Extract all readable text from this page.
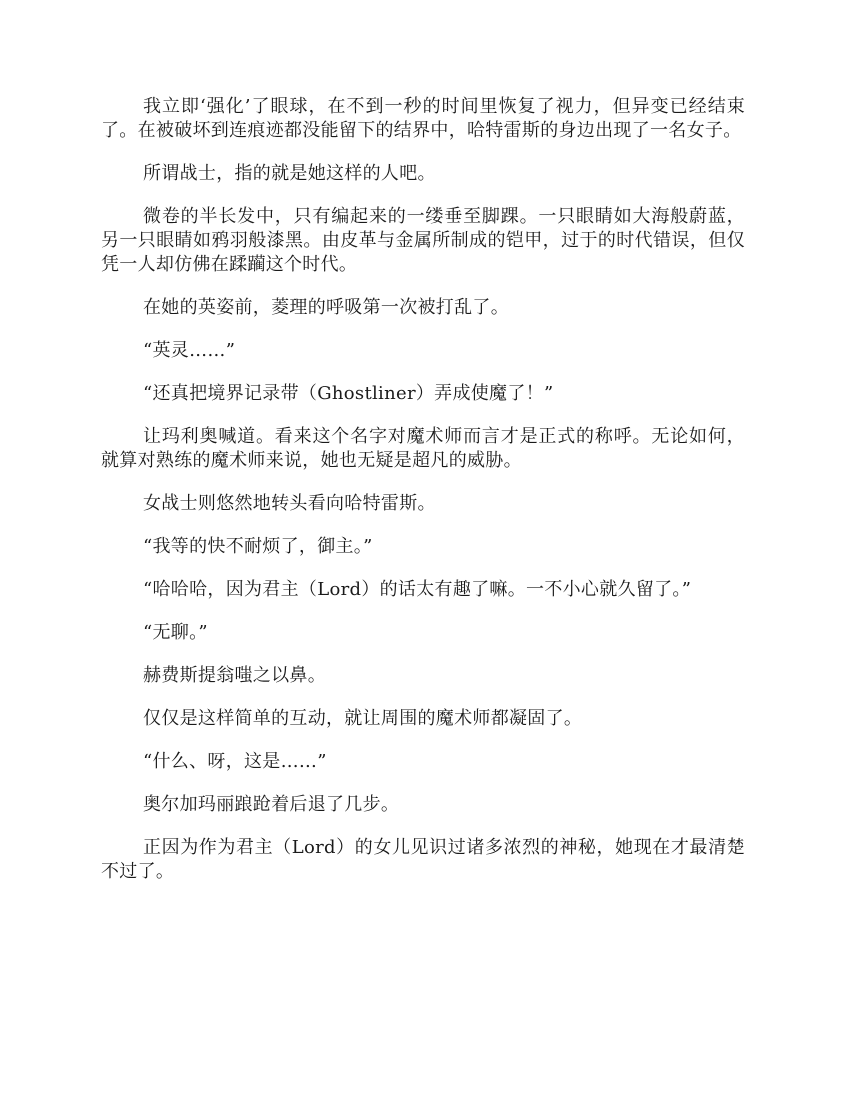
我立即‘强化’了眼球，在不到一秒的时间里恢复了视力，但异变已经结束了。在被破坏到连痕迹都没能留下的结界中，哈特雷斯的身边出现了一名女子。

所谓战士，指的就是她这样的人吧。

微卷的半长发中，只有编起来的一缕垂至脚踝。一只眼睛如大海般蔚蓝，另一只眼睛如鸦羽般漆黑。由皮革与金属所制成的铠甲，过于的时代错误，但仅凭一人却仿佛在蹂躏这个时代。

在她的英姿前，菱理的呼吸第一次被打乱了。

“英灵……”

“还真把境界记录带（Ghostliner）弄成使魔了！”

让玛利奥喊道。看来这个名字对魔术师而言才是正式的称呼。无论如何，就算对熟练的魔术师来说，她也无疑是超凡的威胁。

女战士则悠然地转头看向哈特雷斯。

“我等的快不耐烦了，御主。”

“哈哈哈，因为君主（Lord）的话太有趣了嘛。一不小心就久留了。”

“无聊。”

赫费斯提翁嗤之以鼻。

仅仅是这样简单的互动，就让周围的魔术师都凝固了。

“什么、呀，这是……”

奥尔加玛丽踉跄着后退了几步。

正因为作为君主（Lord）的女儿见识过诸多浓烈的神秘，她现在才最清楚不过了。
